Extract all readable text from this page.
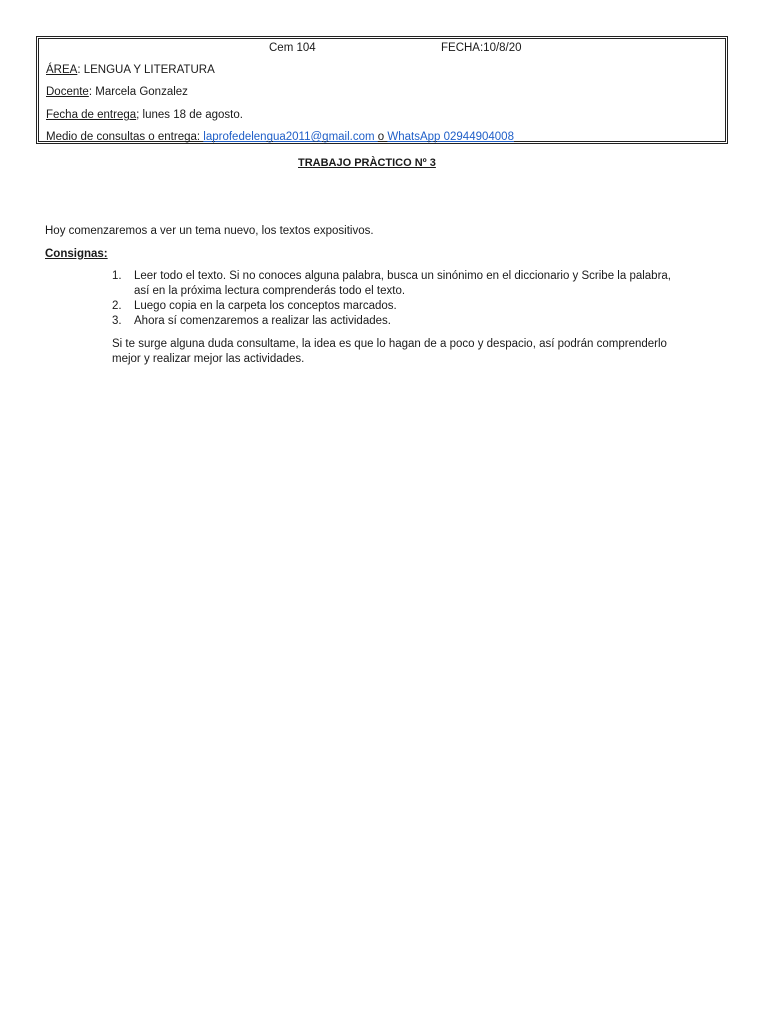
Cem 104	FECHA:10/8/20
ÁREA: LENGUA Y LITERATURA
Docente: Marcela Gonzalez
Fecha de entrega; lunes 18 de agosto.
Medio de consultas o entrega: laprofedelengua2011@gmail.com o WhatsApp 02944904008
TRABAJO PRÀCTICO Nº 3
Hoy comenzaremos a ver un tema nuevo, los textos expositivos.
Consignas:
1. Leer todo el texto. Si no conoces alguna palabra, busca un sinónimo en el diccionario y Scribe la palabra,
así en la próxima lectura comprenderás todo el texto.
2. Luego copia en la carpeta los conceptos marcados.
3. Ahora sí comenzaremos a realizar las actividades.
Si te surge alguna duda consultame, la idea es que lo hagan de a poco y despacio, así podrán comprenderlo
mejor y realizar mejor las actividades.
